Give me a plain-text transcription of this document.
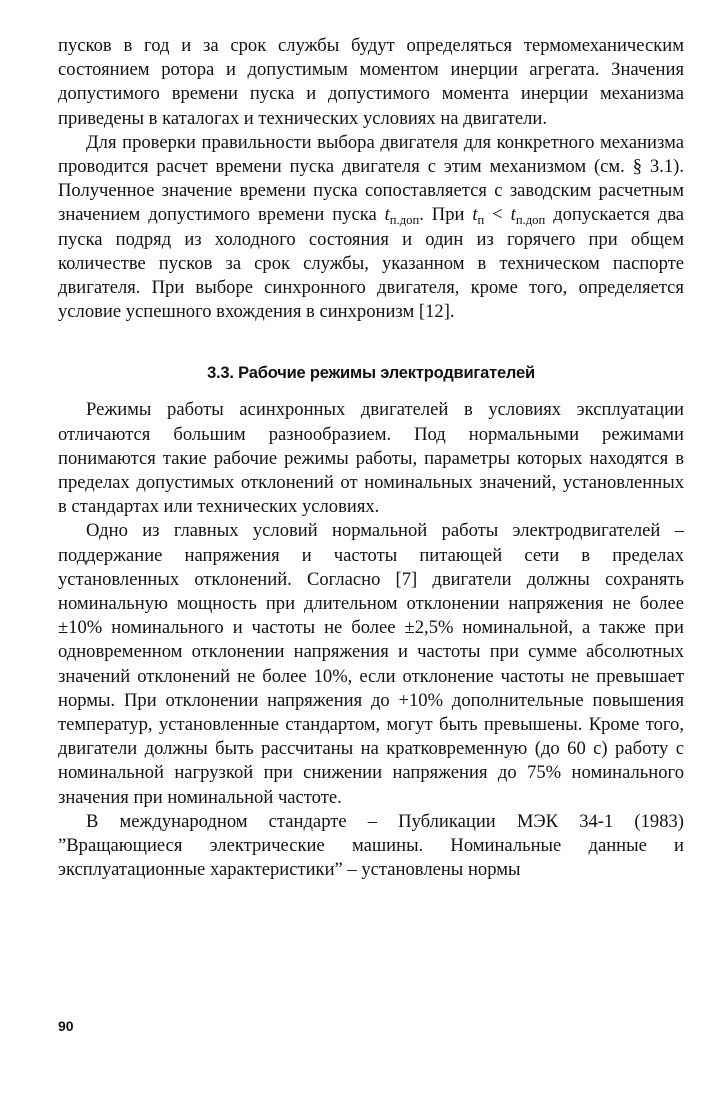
пусков в год и за срок службы будут определяться термомеханическим состоянием ротора и допустимым моментом инерции агрегата. Значения допустимого времени пуска и допустимого момента инерции механизма приведены в каталогах и технических условиях на двигатели.

Для проверки правильности выбора двигателя для конкретного механизма проводится расчет времени пуска двигателя с этим механизмом (см. § 3.1). Полученное значение времени пуска сопоставляется с заводским расчетным значением допустимого времени пуска $t_{п.доп}$. При $t_п < t_{п.доп}$ допускается два пуска подряд из холодного состояния и один из горячего при общем количестве пусков за срок службы, указанном в техническом паспорте двигателя. При выборе синхронного двигателя, кроме того, определяется условие успешного вхождения в синхронизм [12].

3.3. Рабочие режимы электродвигателей

Режимы работы асинхронных двигателей в условиях эксплуатации отличаются большим разнообразием. Под нормальными режимами понимаются такие рабочие режимы работы, параметры которых находятся в пределах допустимых отклонений от номинальных значений, установленных в стандартах или технических условиях.

Одно из главных условий нормальной работы электродвигателей – поддержание напряжения и частоты питающей сети в пределах установленных отклонений. Согласно [7] двигатели должны сохранять номинальную мощность при длительном отклонении напряжения не более ±10% номинального и частоты не более ±2,5% номинальной, а также при одновременном отклонении напряжения и частоты при сумме абсолютных значений отклонений не более 10%, если отклонение частоты не превышает нормы. При отклонении напряжения до +10% дополнительные повышения температур, установленные стандартом, могут быть превышены. Кроме того, двигатели должны быть рассчитаны на кратковременную (до 60 с) работу с номинальной нагрузкой при снижении напряжения до 75% номинального значения при номинальной частоте.

В международном стандарте – Публикации МЭК 34-1 (1983) ”Вращающиеся электрические машины. Номинальные данные и эксплуатационные характеристики” – установлены нормы

90
